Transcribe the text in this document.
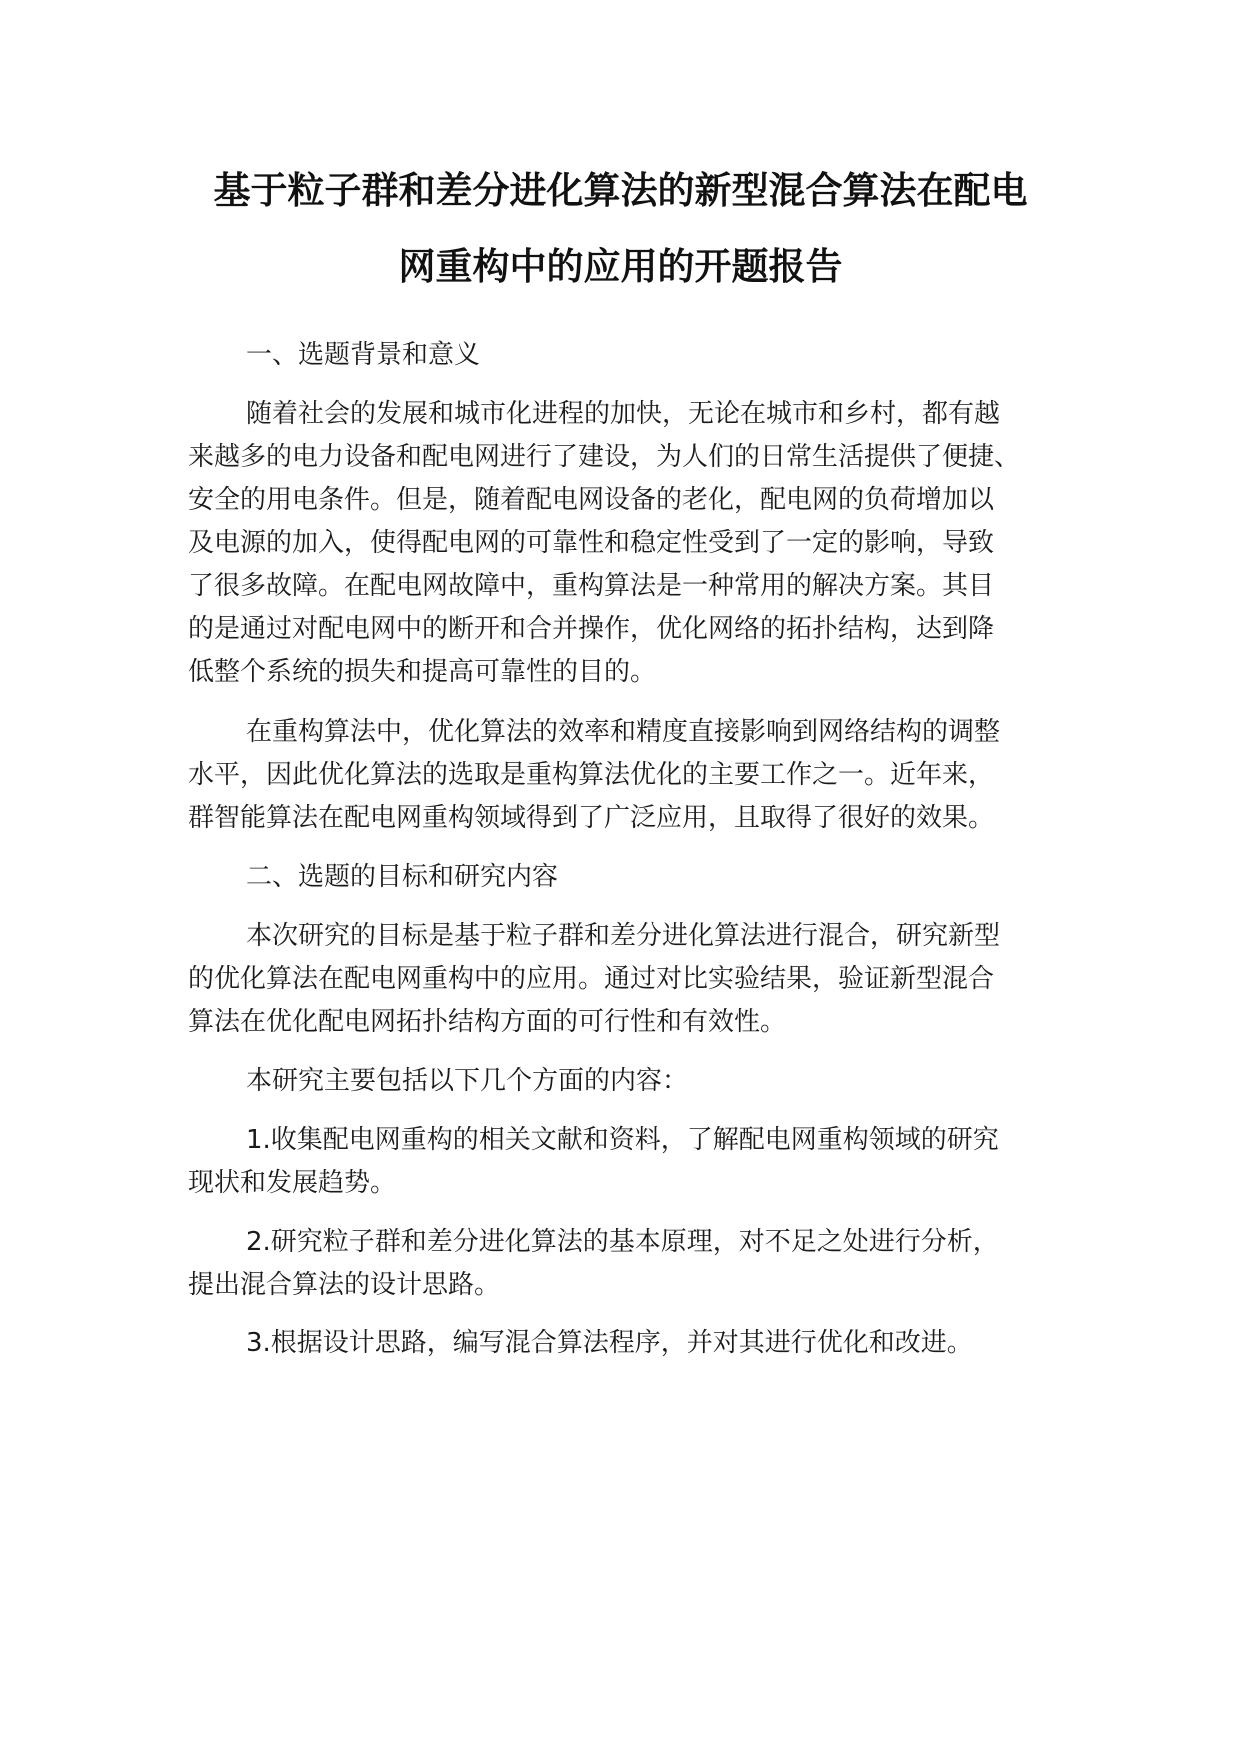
基于粒子群和差分进化算法的新型混合算法在配电
网重构中的应用的开题报告
一、选题背景和意义
随着社会的发展和城市化进程的加快，无论在城市和乡村，都有越
来越多的电力设备和配电网进行了建设，为人们的日常生活提供了便捷、
安全的用电条件。但是，随着配电网设备的老化，配电网的负荷增加以
及电源的加入，使得配电网的可靠性和稳定性受到了一定的影响，导致
了很多故障。在配电网故障中，重构算法是一种常用的解决方案。其目
的是通过对配电网中的断开和合并操作，优化网络的拓扑结构，达到降
低整个系统的损失和提高可靠性的目的。
在重构算法中，优化算法的效率和精度直接影响到网络结构的调整
水平，因此优化算法的选取是重构算法优化的主要工作之一。近年来，
群智能算法在配电网重构领域得到了广泛应用，且取得了很好的效果。
二、选题的目标和研究内容
本次研究的目标是基于粒子群和差分进化算法进行混合，研究新型
的优化算法在配电网重构中的应用。通过对比实验结果，验证新型混合
算法在优化配电网拓扑结构方面的可行性和有效性。
本研究主要包括以下几个方面的内容：
1.收集配电网重构的相关文献和资料，了解配电网重构领域的研究
现状和发展趋势。
2.研究粒子群和差分进化算法的基本原理，对不足之处进行分析，
提出混合算法的设计思路。
3.根据设计思路，编写混合算法程序，并对其进行优化和改进。
